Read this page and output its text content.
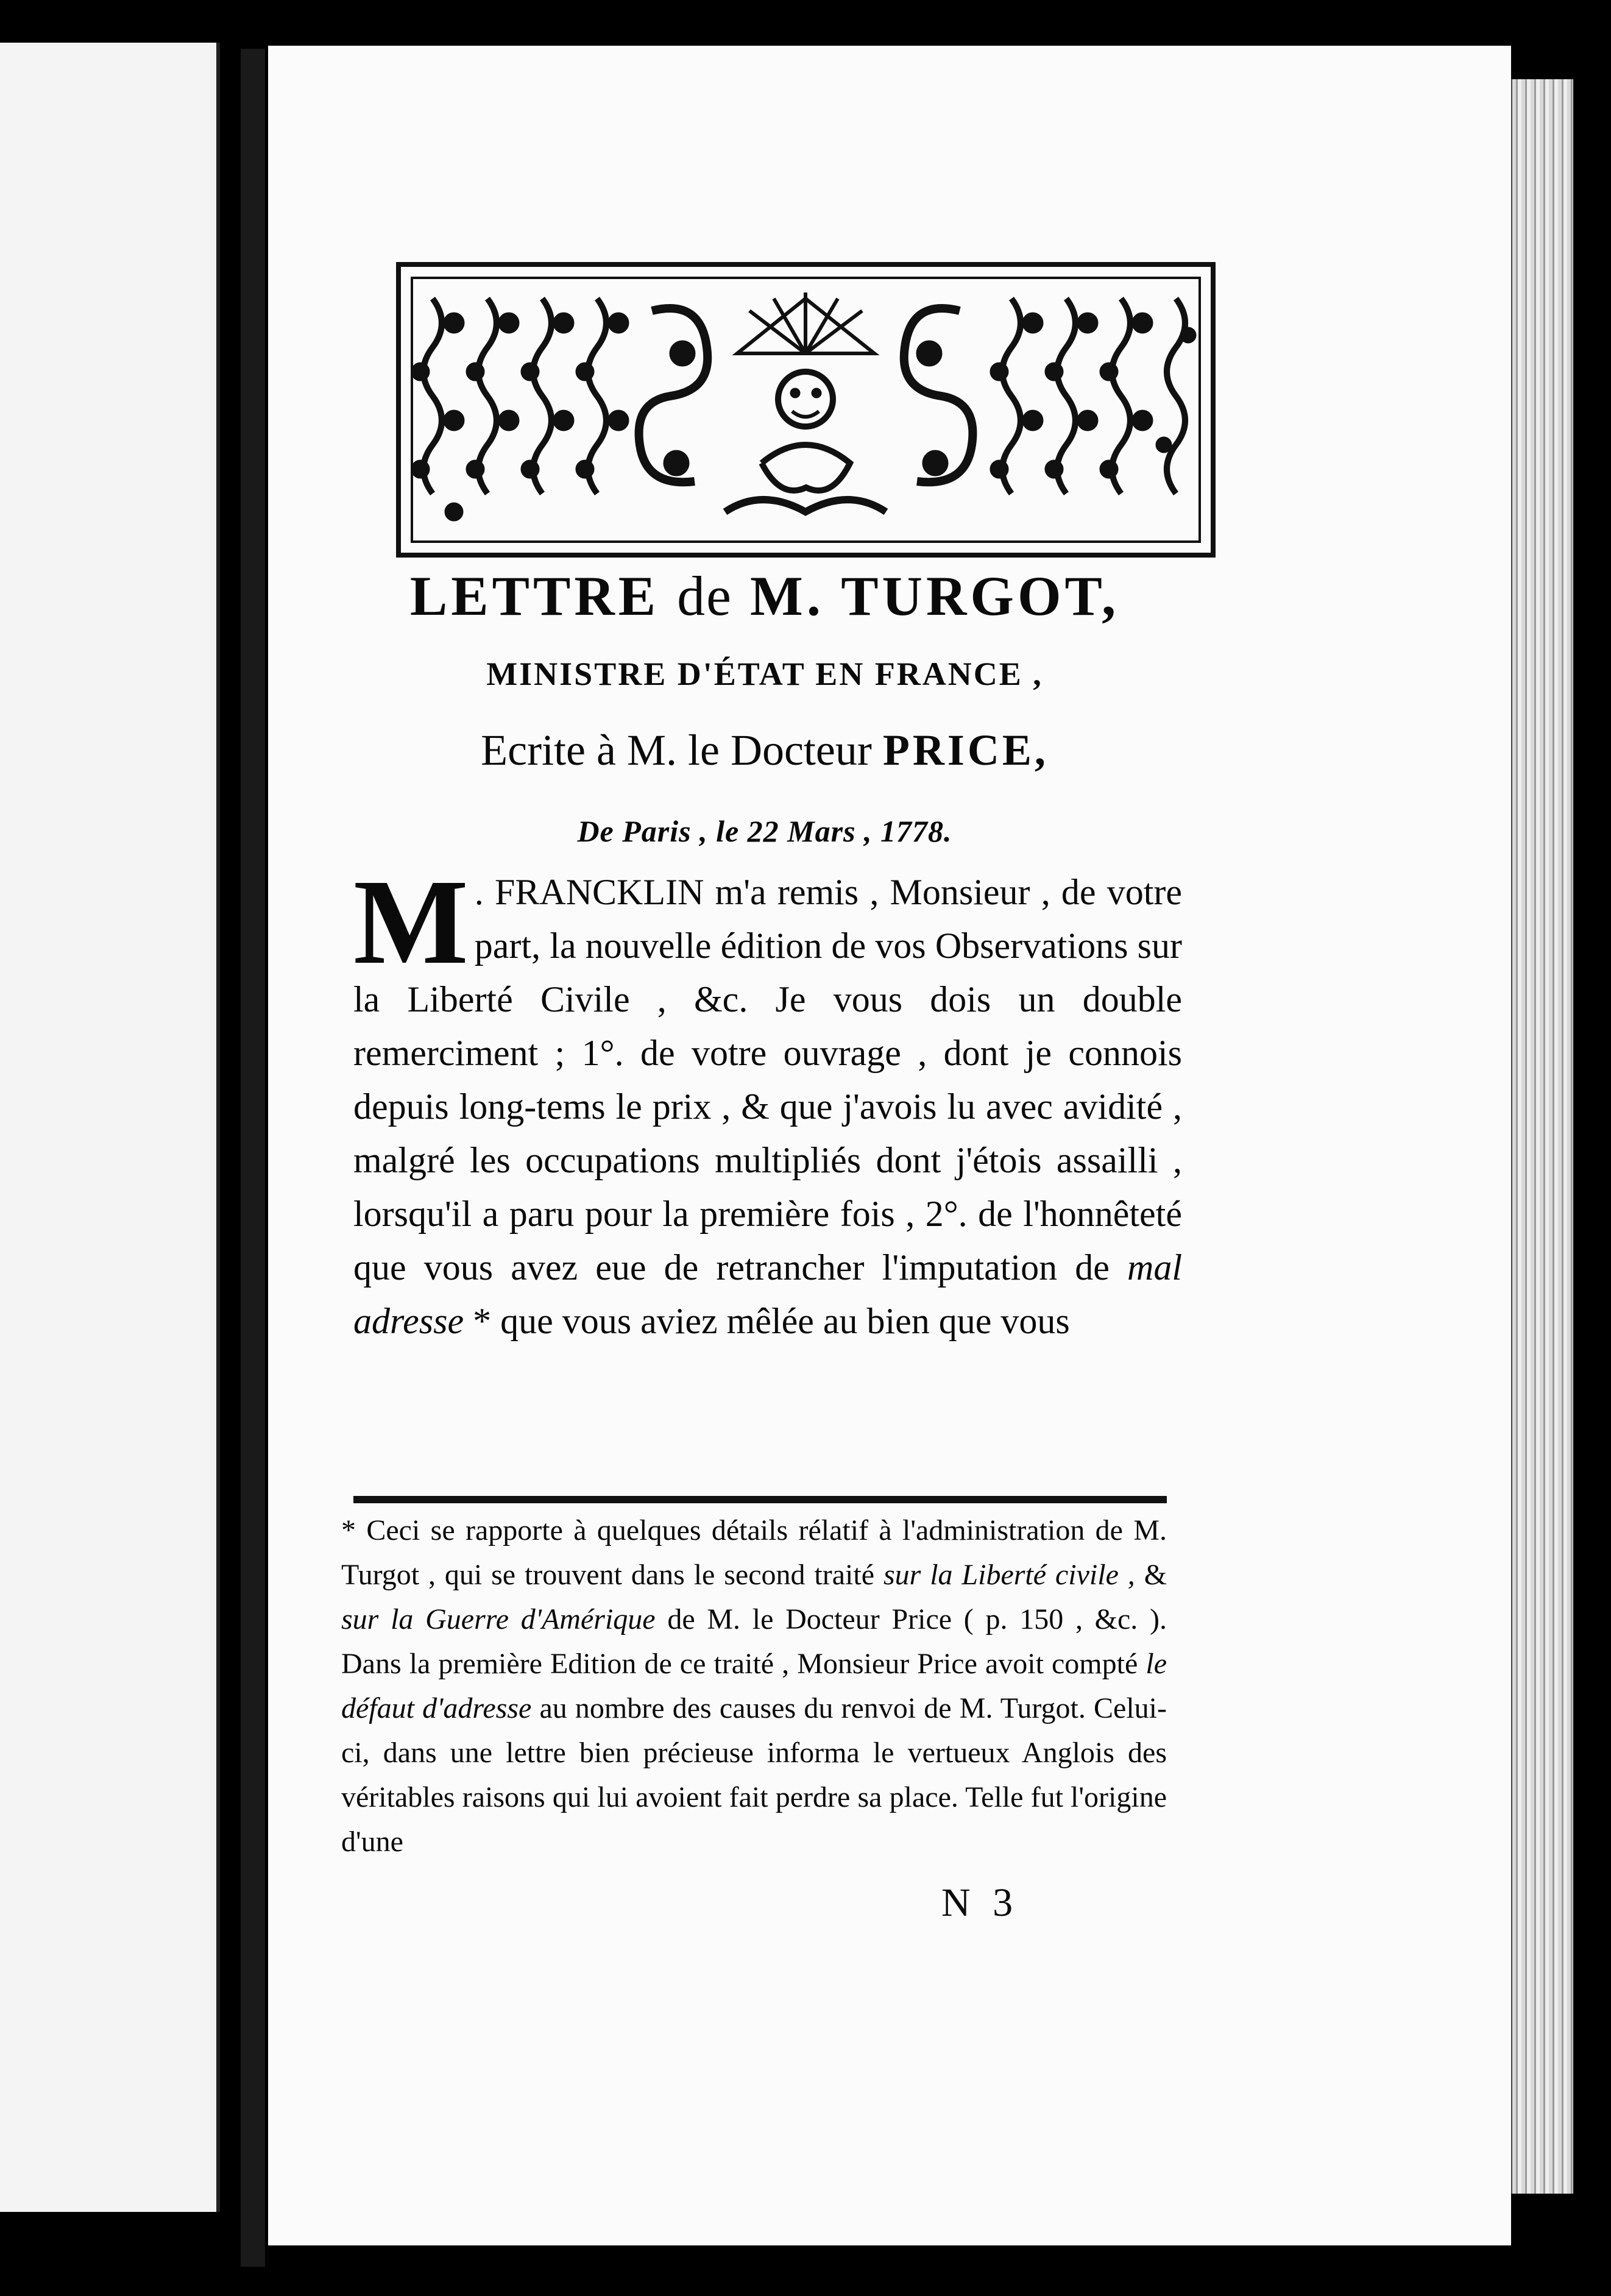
LETTRE de M. TURGOT,
MINISTRE D'ÉTAT EN FRANCE ,
Ecrite à M. le Docteur PRICE,
De Paris , le 22 Mars , 1778.
M . FRANCKLIN m'a remis , Monsieur , de votre part, la nouvelle édition de vos Observations sur la Liberté Civile , &c. Je vous dois un double remerciment ; 1°. de votre ouvrage , dont je connois depuis long-tems le prix , & que j'avois lu avec avidité , malgré les occupations multipliés dont j'étois assailli , lorsqu'il a paru pour la première fois , 2°. de l'honnêteté que vous avez eue de retrancher l'imputation de mal adresse * que vous aviez mêlée au bien que vous
* Ceci se rapporte à quelques détails rélatif à l'administration de M. Turgot , qui se trouvent dans le second traité sur la Liberté civile , & sur la Guerre d'Amérique de M. le Docteur Price ( p. 150 , &c. ). Dans la première Edition de ce traité , Monsieur Price avoit compté le défaut d'adresse au nombre des causes du renvoi de M. Turgot. Celui-ci, dans une lettre bien précieuse informa le vertueux Anglois des véritables raisons qui lui avoient fait perdre sa place. Telle fut l'origine d'une
N 3
